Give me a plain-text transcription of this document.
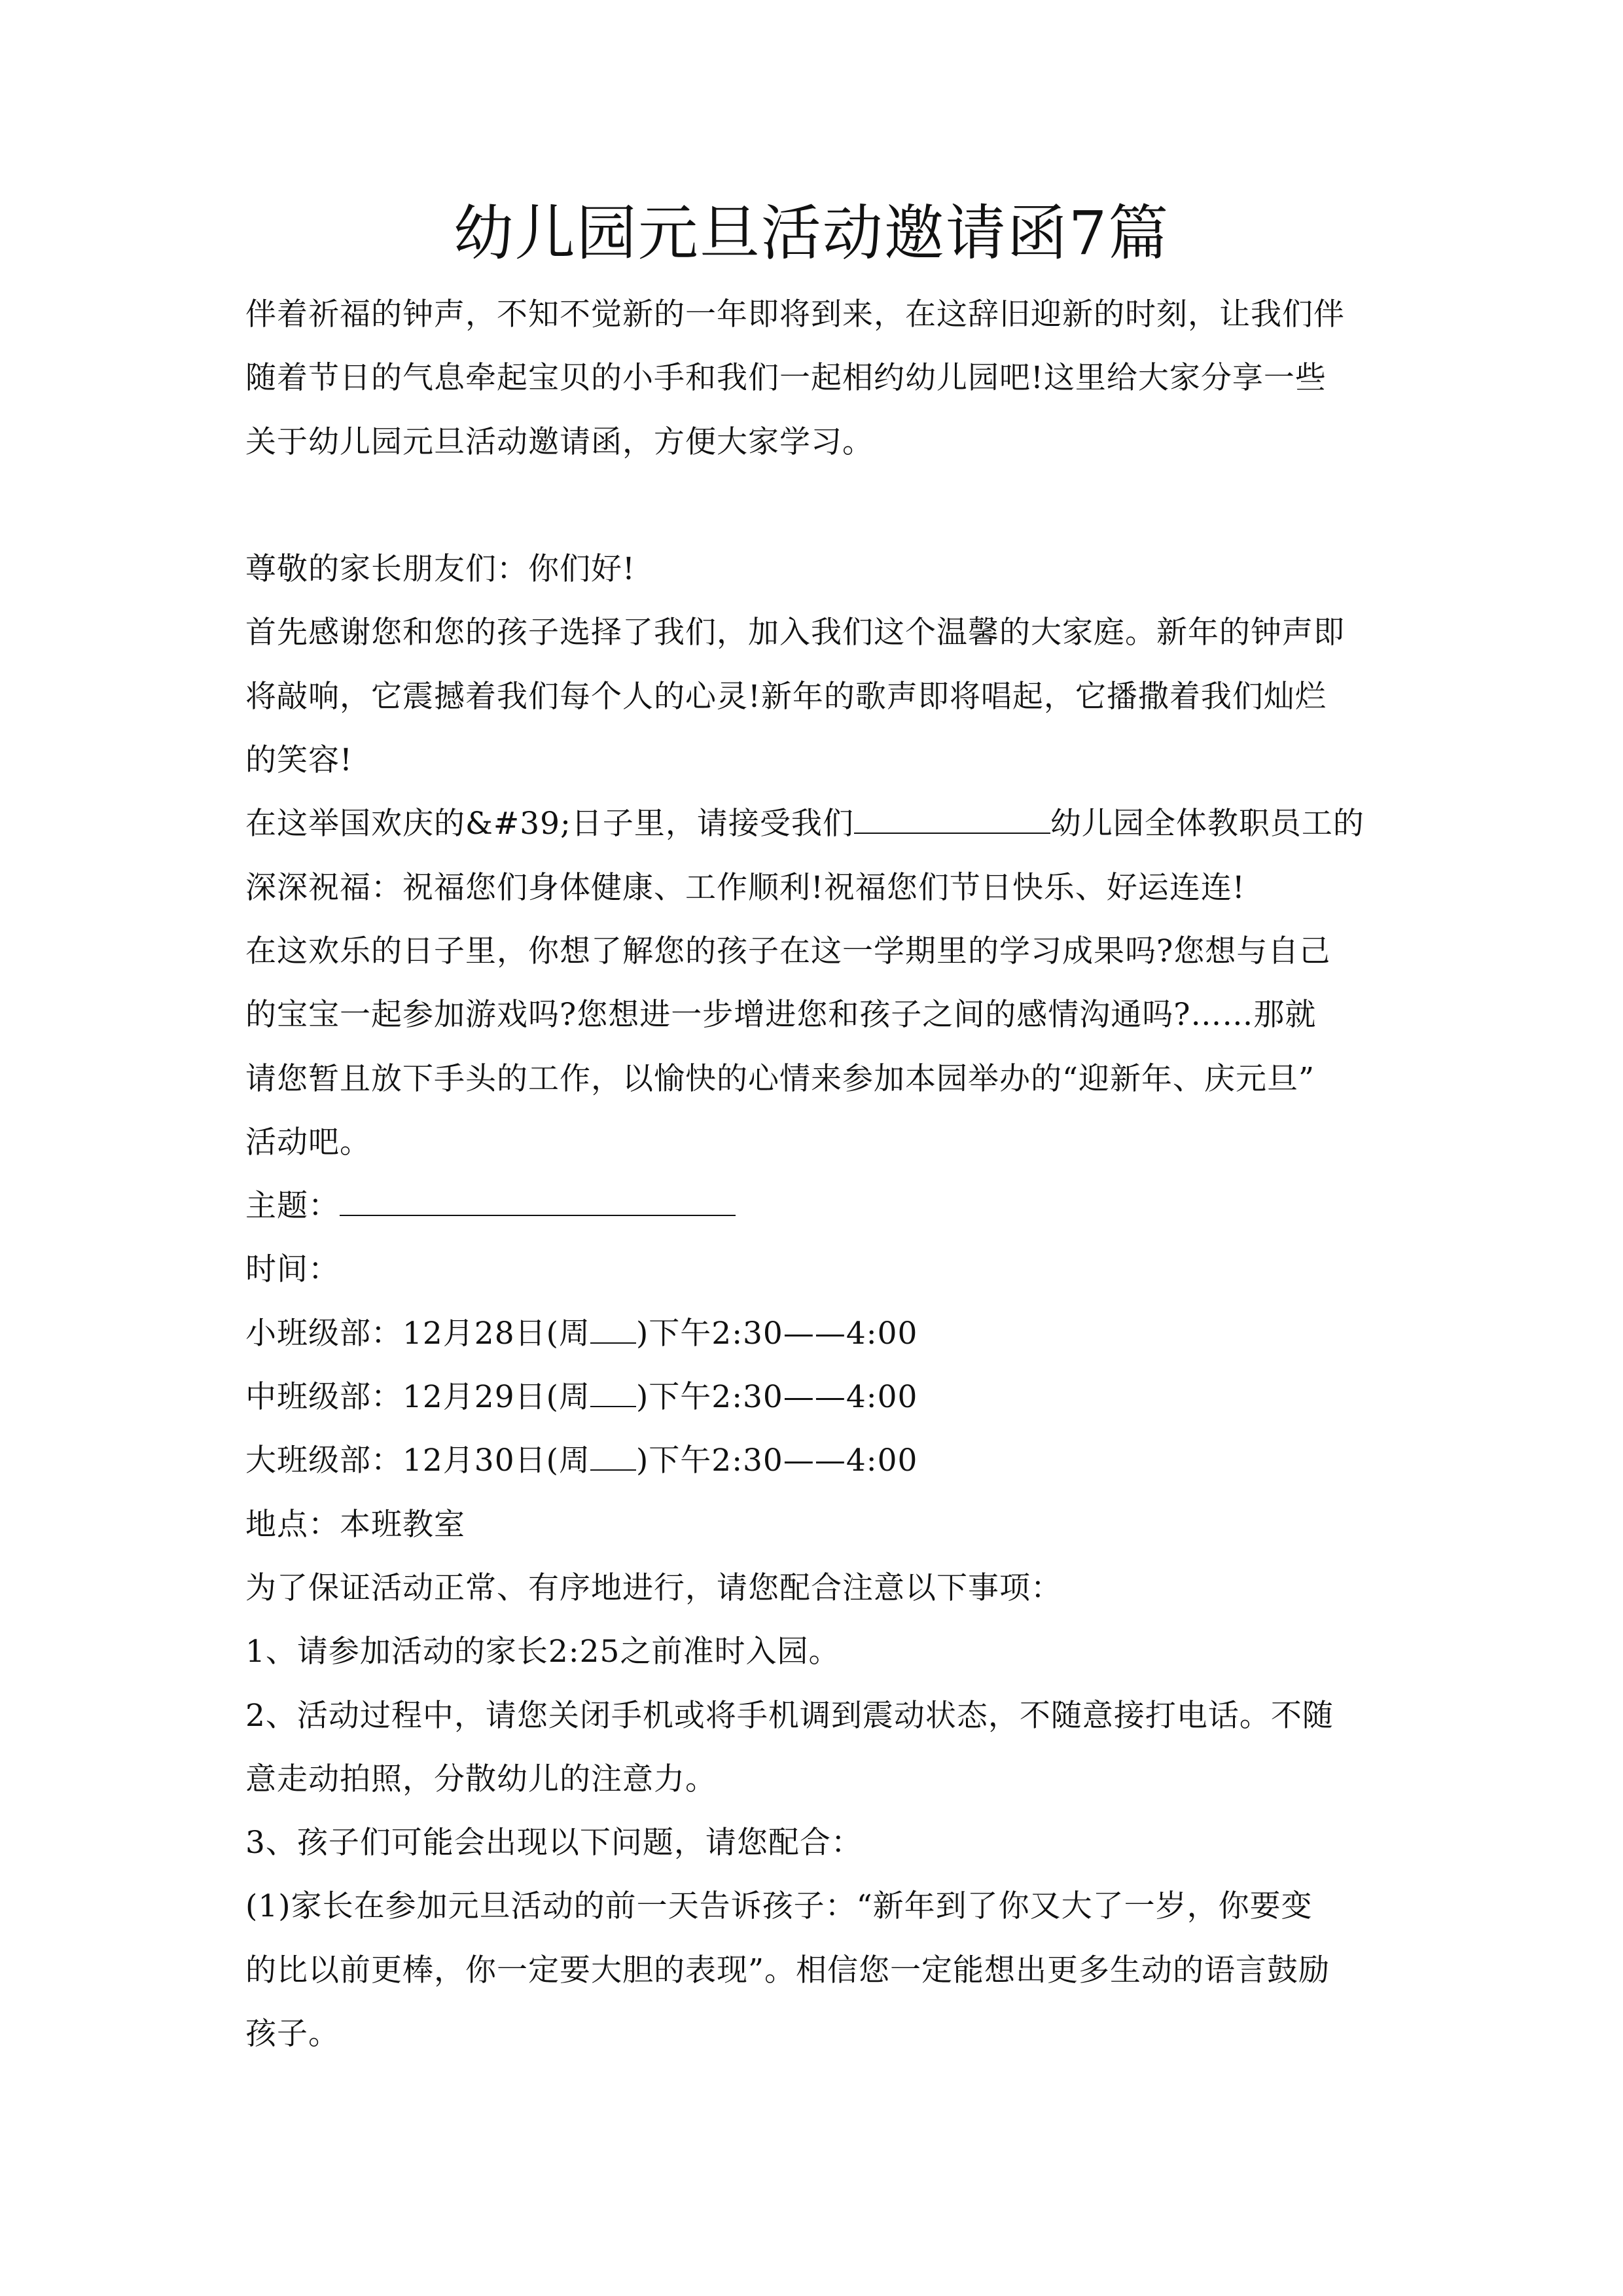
幼儿园元旦活动邀请函7篇

伴着祈福的钟声，不知不觉新的一年即将到来，在这辞旧迎新的时刻，让我们伴

随着节日的气息牵起宝贝的小手和我们一起相约幼儿园吧!这里给大家分享一些

关于幼儿园元旦活动邀请函，方便大家学习。

尊敬的家长朋友们：你们好!

首先感谢您和您的孩子选择了我们，加入我们这个温馨的大家庭。新年的钟声即

将敲响，它震撼着我们每个人的心灵!新年的歌声即将唱起，它播撒着我们灿烂

的笑容!

在这举国欢庆的&#39;日子里，请接受我们	幼儿园全体教职员工的

深深祝福：祝福您们身体健康、工作顺利!祝福您们节日快乐、好运连连!

在这欢乐的日子里，你想了解您的孩子在这一学期里的学习成果吗?您想与自己

的宝宝一起参加游戏吗?您想进一步增进您和孩子之间的感情沟通吗?……那就

请您暂且放下手头的工作，以愉快的心情来参加本园举办的“迎新年、庆元旦”

活动吧。

主题：

时间：

小班级部：12月28日(周 )下午2:30——4:00

中班级部：12月29日(周 )下午2:30——4:00

大班级部：12月30日(周 )下午2:30——4:00

地点：本班教室

为了保证活动正常、有序地进行，请您配合注意以下事项：

1、请参加活动的家长2:25之前准时入园。

2、活动过程中，请您关闭手机或将手机调到震动状态，不随意接打电话。不随

意走动拍照，分散幼儿的注意力。

3、孩子们可能会出现以下问题，请您配合：

(1)家长在参加元旦活动的前一天告诉孩子：“新年到了你又大了一岁，你要变

的比以前更棒，你一定要大胆的表现”。相信您一定能想出更多生动的语言鼓励

孩子。
